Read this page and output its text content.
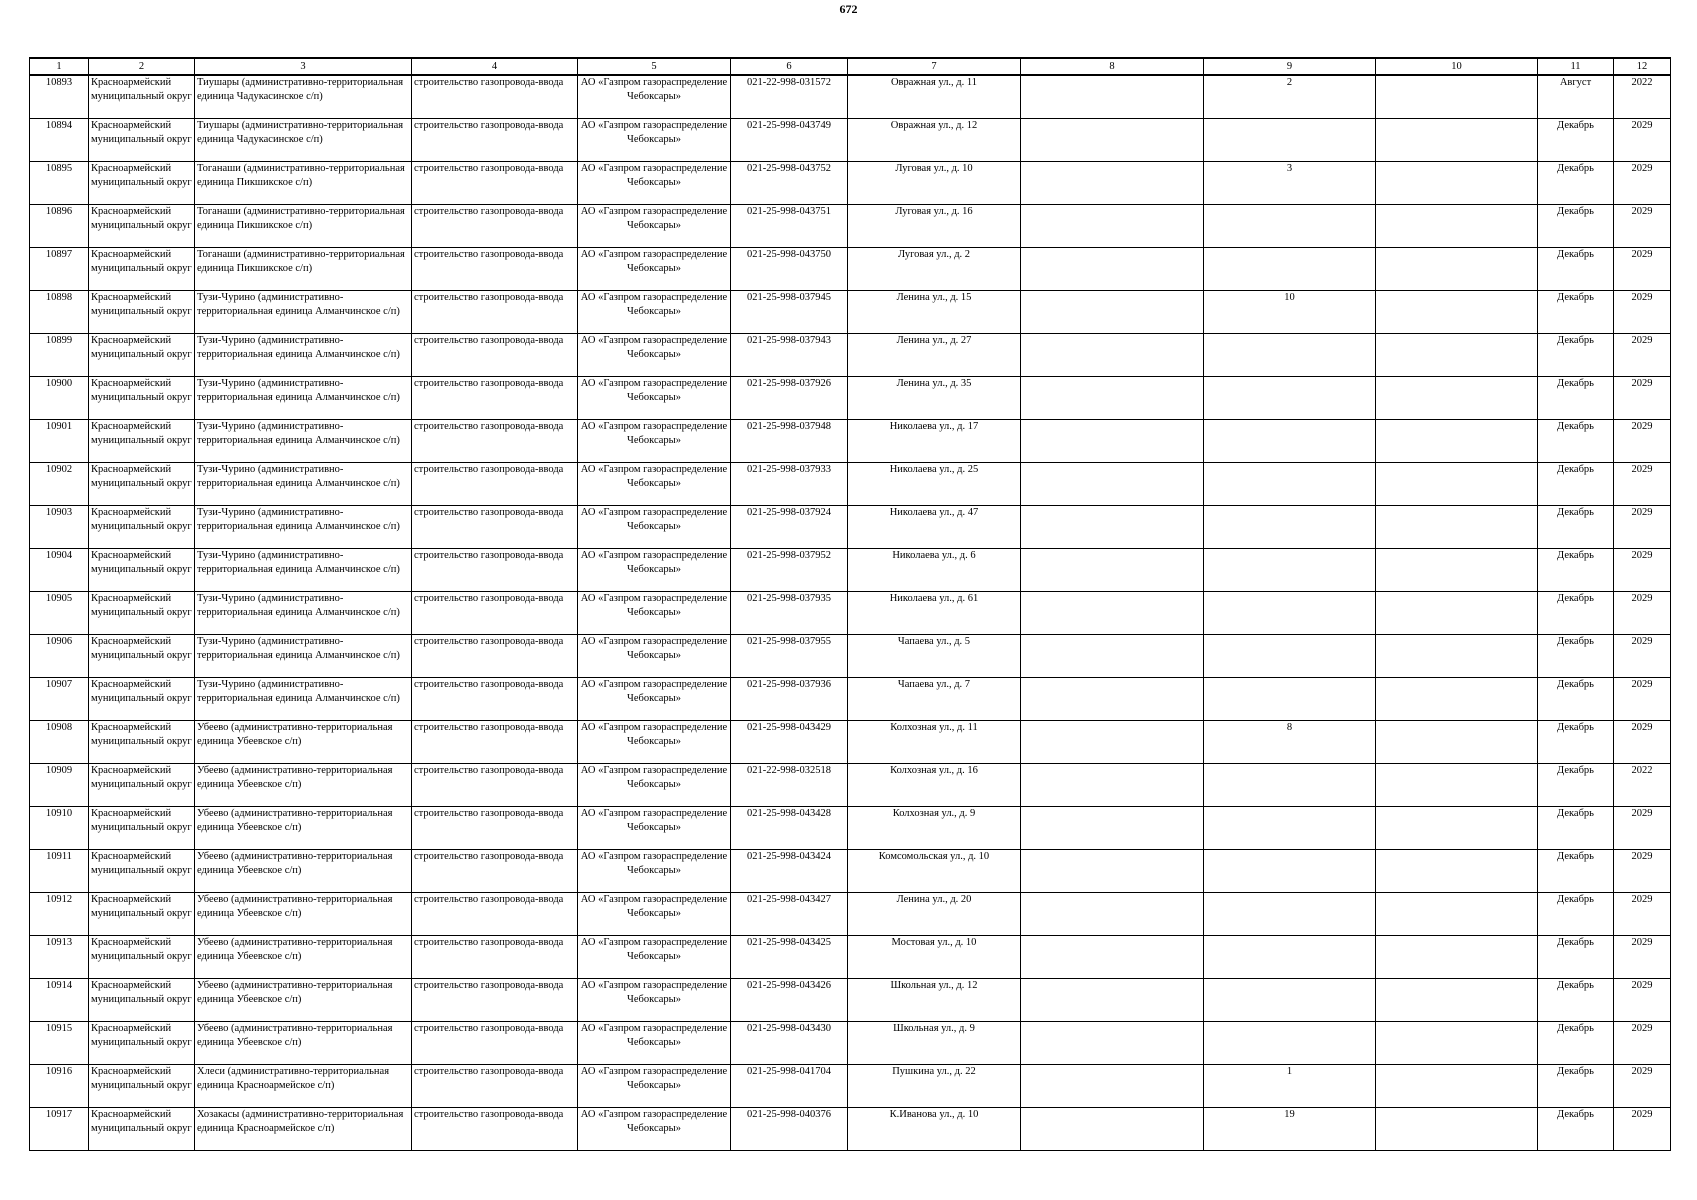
672
1	2	3	4	5	6	7	8	9	10	11	12

10893	Красноармейский муниципальный округ	Тиушары (административно-территориальная единица Чадукасинское с/п)	строительство газопровода-ввода	АО «Газпром газораспределение Чебоксары»	021-22-998-031572	Овражная ул., д. 11		2		Август	2022

10894	Красноармейский муниципальный округ	Тиушары (административно-территориальная единица Чадукасинское с/п)	строительство газопровода-ввода	АО «Газпром газораспределение Чебоксары»	021-25-998-043749	Овражная ул., д. 12				Декабрь	2029

10895	Красноармейский муниципальный округ	Тоганаши (административно-территориальная единица Пикшикское с/п)	строительство газопровода-ввода	АО «Газпром газораспределение Чебоксары»	021-25-998-043752	Луговая ул., д. 10		3		Декабрь	2029

10896	Красноармейский муниципальный округ	Тоганаши (административно-территориальная единица Пикшикское с/п)	строительство газопровода-ввода	АО «Газпром газораспределение Чебоксары»	021-25-998-043751	Луговая ул., д. 16				Декабрь	2029

10897	Красноармейский муниципальный округ	Тоганаши (административно-территориальная единица Пикшикское с/п)	строительство газопровода-ввода	АО «Газпром газораспределение Чебоксары»	021-25-998-043750	Луговая ул., д. 2				Декабрь	2029

10898	Красноармейский муниципальный округ	Тузи-Чурино (административно-территориальная единица Алманчинское с/п)	строительство газопровода-ввода	АО «Газпром газораспределение Чебоксары»	021-25-998-037945	Ленина ул., д. 15		10		Декабрь	2029

10899	Красноармейский муниципальный округ	Тузи-Чурино (административно-территориальная единица Алманчинское с/п)	строительство газопровода-ввода	АО «Газпром газораспределение Чебоксары»	021-25-998-037943	Ленина ул., д. 27				Декабрь	2029

10900	Красноармейский муниципальный округ	Тузи-Чурино (административно-территориальная единица Алманчинское с/п)	строительство газопровода-ввода	АО «Газпром газораспределение Чебоксары»	021-25-998-037926	Ленина ул., д. 35				Декабрь	2029

10901	Красноармейский муниципальный округ	Тузи-Чурино (административно-территориальная единица Алманчинское с/п)	строительство газопровода-ввода	АО «Газпром газораспределение Чебоксары»	021-25-998-037948	Николаева ул., д. 17				Декабрь	2029

10902	Красноармейский муниципальный округ	Тузи-Чурино (административно-территориальная единица Алманчинское с/п)	строительство газопровода-ввода	АО «Газпром газораспределение Чебоксары»	021-25-998-037933	Николаева ул., д. 25				Декабрь	2029

10903	Красноармейский муниципальный округ	Тузи-Чурино (административно-территориальная единица Алманчинское с/п)	строительство газопровода-ввода	АО «Газпром газораспределение Чебоксары»	021-25-998-037924	Николаева ул., д. 47				Декабрь	2029

10904	Красноармейский муниципальный округ	Тузи-Чурино (административно-территориальная единица Алманчинское с/п)	строительство газопровода-ввода	АО «Газпром газораспределение Чебоксары»	021-25-998-037952	Николаева ул., д. 6				Декабрь	2029

10905	Красноармейский муниципальный округ	Тузи-Чурино (административно-территориальная единица Алманчинское с/п)	строительство газопровода-ввода	АО «Газпром газораспределение Чебоксары»	021-25-998-037935	Николаева ул., д. 61				Декабрь	2029

10906	Красноармейский муниципальный округ	Тузи-Чурино (административно-территориальная единица Алманчинское с/п)	строительство газопровода-ввода	АО «Газпром газораспределение Чебоксары»	021-25-998-037955	Чапаева ул., д. 5				Декабрь	2029

10907	Красноармейский муниципальный округ	Тузи-Чурино (административно-территориальная единица Алманчинское с/п)	строительство газопровода-ввода	АО «Газпром газораспределение Чебоксары»	021-25-998-037936	Чапаева ул., д. 7				Декабрь	2029

10908	Красноармейский муниципальный округ	Убеево (административно-территориальная единица Убеевское с/п)	строительство газопровода-ввода	АО «Газпром газораспределение Чебоксары»	021-25-998-043429	Колхозная ул., д. 11		8		Декабрь	2029

10909	Красноармейский муниципальный округ	Убеево (административно-территориальная единица Убеевское с/п)	строительство газопровода-ввода	АО «Газпром газораспределение Чебоксары»	021-22-998-032518	Колхозная ул., д. 16				Декабрь	2022

10910	Красноармейский муниципальный округ	Убеево (административно-территориальная единица Убеевское с/п)	строительство газопровода-ввода	АО «Газпром газораспределение Чебоксары»	021-25-998-043428	Колхозная ул., д. 9				Декабрь	2029

10911	Красноармейский муниципальный округ	Убеево (административно-территориальная единица Убеевское с/п)	строительство газопровода-ввода	АО «Газпром газораспределение Чебоксары»	021-25-998-043424	Комсомольская ул., д. 10				Декабрь	2029

10912	Красноармейский муниципальный округ	Убеево (административно-территориальная единица Убеевское с/п)	строительство газопровода-ввода	АО «Газпром газораспределение Чебоксары»	021-25-998-043427	Ленина ул., д. 20				Декабрь	2029

10913	Красноармейский муниципальный округ	Убеево (административно-территориальная единица Убеевское с/п)	строительство газопровода-ввода	АО «Газпром газораспределение Чебоксары»	021-25-998-043425	Мостовая ул., д. 10				Декабрь	2029

10914	Красноармейский муниципальный округ	Убеево (административно-территориальная единица Убеевское с/п)	строительство газопровода-ввода	АО «Газпром газораспределение Чебоксары»	021-25-998-043426	Школьная ул., д. 12				Декабрь	2029

10915	Красноармейский муниципальный округ	Убеево (административно-территориальная единица Убеевское с/п)	строительство газопровода-ввода	АО «Газпром газораспределение Чебоксары»	021-25-998-043430	Школьная ул., д. 9				Декабрь	2029

10916	Красноармейский муниципальный округ	Хлеси (административно-территориальная единица Красноармейское с/п)	строительство газопровода-ввода	АО «Газпром газораспределение Чебоксары»	021-25-998-041704	Пушкина ул., д. 22		1		Декабрь	2029

10917	Красноармейский муниципальный округ	Хозакасы (административно-территориальная единица Красноармейское с/п)	строительство газопровода-ввода	АО «Газпром газораспределение Чебоксары»	021-25-998-040376	К.Иванова ул., д. 10		19		Декабрь	2029
